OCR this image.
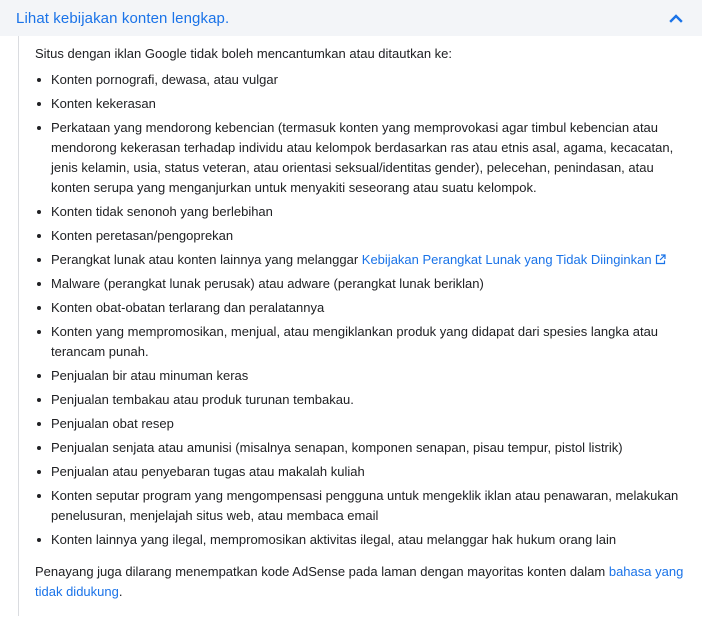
Lihat kebijakan konten lengkap.
Situs dengan iklan Google tidak boleh mencantumkan atau ditautkan ke:
Konten pornografi, dewasa, atau vulgar
Konten kekerasan
Perkataan yang mendorong kebencian (termasuk konten yang memprovokasi agar timbul kebencian atau mendorong kekerasan terhadap individu atau kelompok berdasarkan ras atau etnis asal, agama, kecacatan, jenis kelamin, usia, status veteran, atau orientasi seksual/identitas gender), pelecehan, penindasan, atau konten serupa yang menganjurkan untuk menyakiti seseorang atau suatu kelompok.
Konten tidak senonoh yang berlebihan
Konten peretasan/pengoprekan
Perangkat lunak atau konten lainnya yang melanggar Kebijakan Perangkat Lunak yang Tidak Diinginkan
Malware (perangkat lunak perusak) atau adware (perangkat lunak beriklan)
Konten obat-obatan terlarang dan peralatannya
Konten yang mempromosikan, menjual, atau mengiklankan produk yang didapat dari spesies langka atau terancam punah.
Penjualan bir atau minuman keras
Penjualan tembakau atau produk turunan tembakau.
Penjualan obat resep
Penjualan senjata atau amunisi (misalnya senapan, komponen senapan, pisau tempur, pistol listrik)
Penjualan atau penyebaran tugas atau makalah kuliah
Konten seputar program yang mengompensasi pengguna untuk mengeklik iklan atau penawaran, melakukan penelusuran, menjelajah situs web, atau membaca email
Konten lainnya yang ilegal, mempromosikan aktivitas ilegal, atau melanggar hak hukum orang lain
Penayang juga dilarang menempatkan kode AdSense pada laman dengan mayoritas konten dalam bahasa yang tidak didukung.
